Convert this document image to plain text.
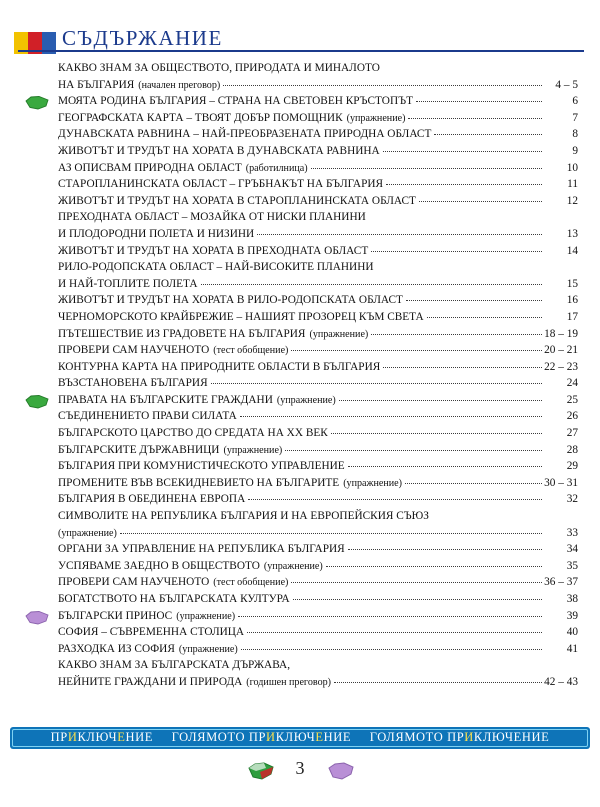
СЪДЪРЖАНИЕ
КАКВО ЗНАМ ЗА ОБЩЕСТВОТО, ПРИРОДАТА И МИНАЛОТО
НА БЪЛГАРИЯ (начален преговор)	4 – 5
МОЯТА РОДИНА БЪЛГАРИЯ – СТРАНА НА СВЕТОВЕН КРЪСТОПЪТ	6
ГЕОГРАФСКАТА КАРТА – ТВОЯТ ДОБЪР ПОМОЩНИК (упражнение)	7
ДУНАВСКАТА РАВНИНА – НАЙ-ПРЕОБРАЗЕНАТА ПРИРОДНА ОБЛАСТ	8
ЖИВОТЪТ И ТРУДЪТ НА ХОРАТА В ДУНАВСКАТА РАВНИНА	9
АЗ ОПИСВАМ ПРИРОДНА ОБЛАСТ (работилница)	10
СТАРОПЛАНИНСКАТА ОБЛАСТ – ГРЪБНАКЪТ НА БЪЛГАРИЯ	11
ЖИВОТЪТ И ТРУДЪТ НА ХОРАТА В СТАРОПЛАНИНСКАТА ОБЛАСТ	12
ПРЕХОДНАТА ОБЛАСТ – МОЗАЙКА ОТ НИСКИ ПЛАНИНИ
И ПЛОДОРОДНИ ПОЛЕТА И НИЗИНИ	13
ЖИВОТЪТ И ТРУДЪТ НА ХОРАТА В ПРЕХОДНАТА ОБЛАСТ	14
РИЛО-РОДОПСКАТА ОБЛАСТ – НАЙ-ВИСОКИТЕ ПЛАНИНИ
И НАЙ-ТОПЛИТЕ ПОЛЕТА	15
ЖИВОТЪТ И ТРУДЪТ НА ХОРАТА В РИЛО-РОДОПСКАТА ОБЛАСТ	16
ЧЕРНОМОРСКОТО КРАЙБРЕЖИЕ – НАШИЯТ ПРОЗОРЕЦ КЪМ СВЕТА	17
ПЪТЕШЕСТВИЕ ИЗ ГРАДОВЕТЕ НА БЪЛГАРИЯ (упражнение)	18 – 19
ПРОВЕРИ САМ НАУЧЕНОТО (тест обобщение)	20 – 21
КОНТУРНА КАРТА НА ПРИРОДНИТЕ ОБЛАСТИ В БЪЛГАРИЯ	22 – 23
ВЪЗСТАНОВЕНА БЪЛГАРИЯ	24
ПРАВАТА НА БЪЛГАРСКИТЕ ГРАЖДАНИ (упражнение)	25
СЪЕДИНЕНИЕТО ПРАВИ СИЛАТА	26
БЪЛГАРСКОТО ЦАРСТВО ДО СРЕДАТА НА ХХ ВЕК	27
БЪЛГАРСКИТЕ ДЪРЖАВНИЦИ (упражнение)	28
БЪЛГАРИЯ ПРИ КОМУНИСТИЧЕСКОТО УПРАВЛЕНИЕ	29
ПРОМЕНИТЕ ВЪВ ВСЕКИДНЕВИЕТО НА БЪЛГАРИТЕ (упражнение)	30 – 31
БЪЛГАРИЯ В ОБЕДИНЕНА ЕВРОПА	32
СИМВОЛИТЕ НА РЕПУБЛИКА БЪЛГАРИЯ И НА ЕВРОПЕЙСКИЯ СЪЮЗ
(упражнение)	33
ОРГАНИ ЗА УПРАВЛЕНИЕ НА РЕПУБЛИКА БЪЛГАРИЯ	34
УСПЯВАМЕ ЗАЕДНО В ОБЩЕСТВОТО (упражнение)	35
ПРОВЕРИ САМ НАУЧЕНОТО (тест обобщение)	36 – 37
БОГАТСТВОТО НА БЪЛГАРСКАТА КУЛТУРА	38
БЪЛГАРСКИ ПРИНОС (упражнение)	39
СОФИЯ – СЪВРЕМЕННА СТОЛИЦА	40
РАЗХОДКА ИЗ СОФИЯ (упражнение)	41
КАКВО ЗНАМ ЗА БЪЛГАРСКАТА ДЪРЖАВА,
НЕЙНИТЕ ГРАЖДАНИ И ПРИРОДА (годишен преговор)	42 – 43
ПРИКЛЮЧЕНИЕ ГОЛЯМОТО ПРИКЛЮЧЕНИЕ ГОЛЯМОТО ПРИКЛЮЧЕНИЕ
3
